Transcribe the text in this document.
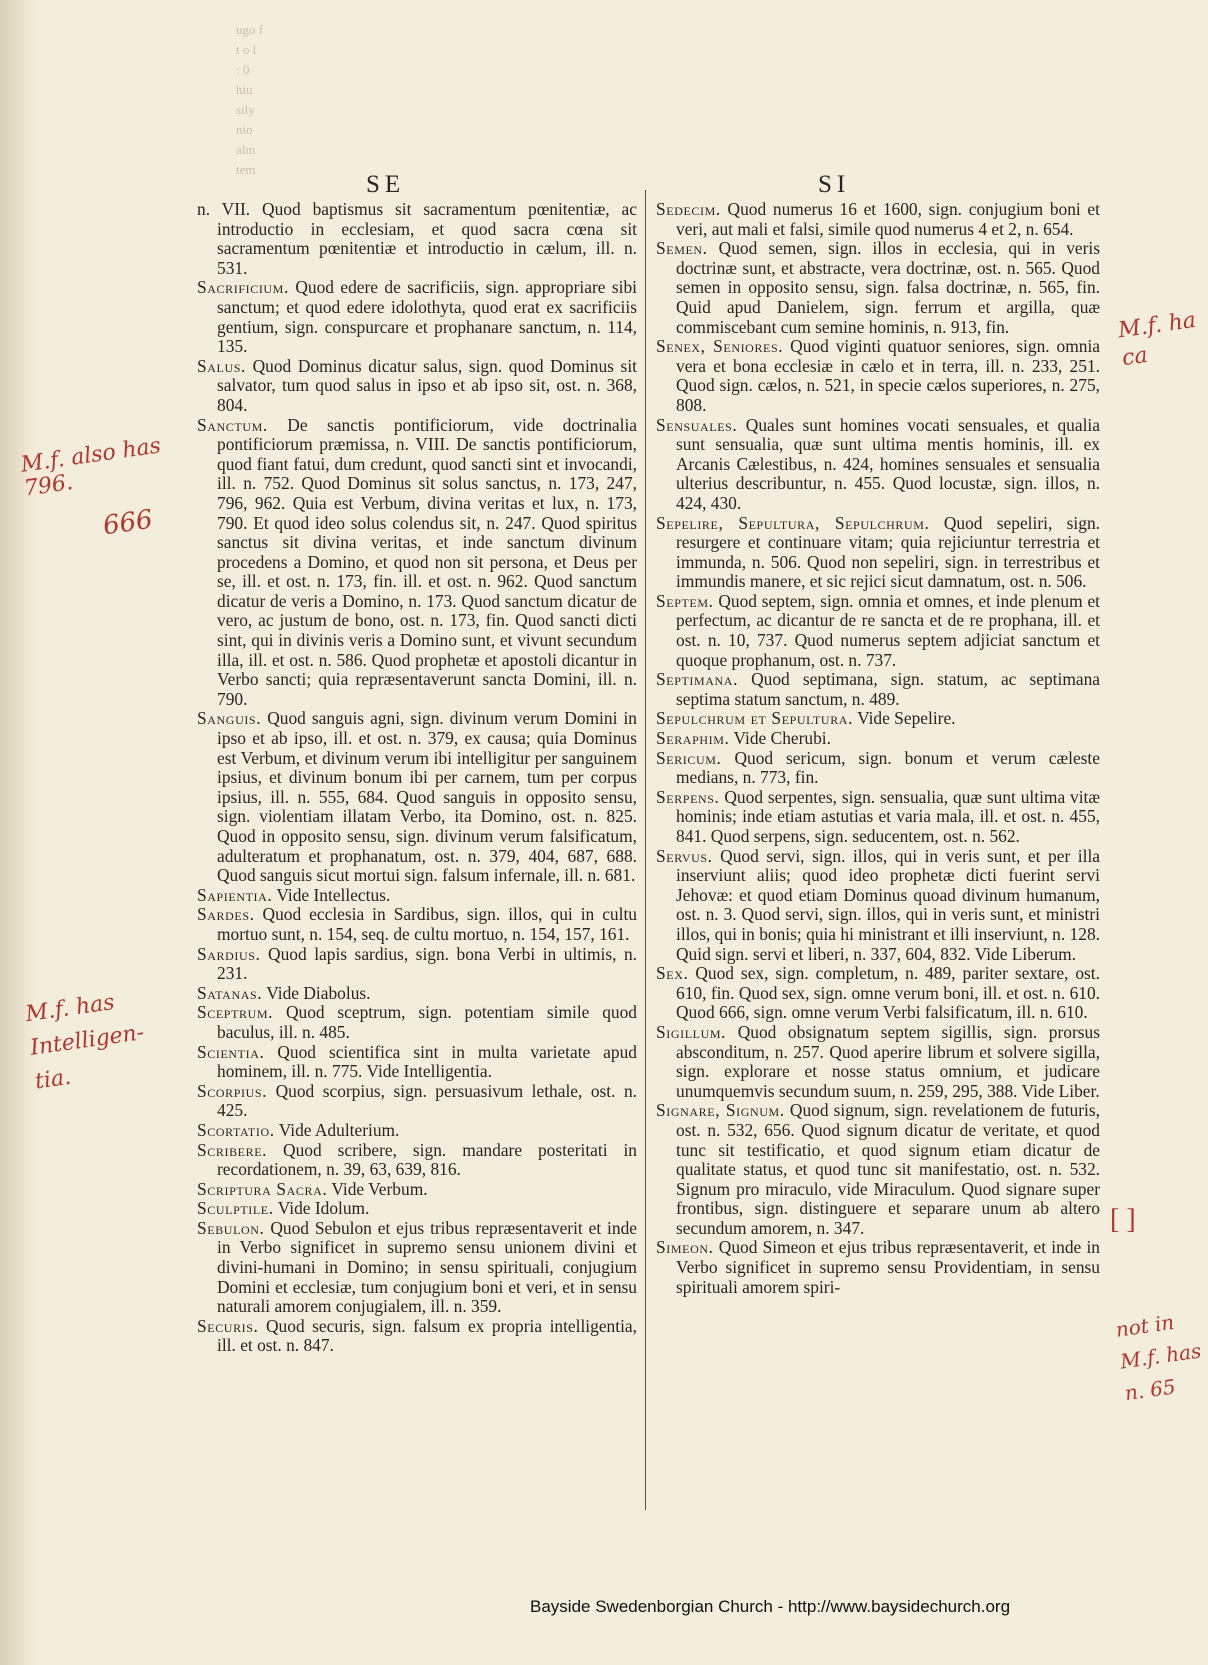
ugo f
t o l
: 0
hiu
sily
nio
alm
tem
SE	SI

n. VII. Quod baptismus sit sacramentum pœnitentiæ, ac introductio in ecclesiam, et quod sacra cœna sit sacramentum pœnitentiæ et introductio in cælum, ill. n. 531.

Sacrificium. Quod edere de sacrificiis, sign. appropriare sibi sanctum; et quod edere idolothyta, quod erat ex sacrificiis gentium, sign. conspurcare et prophanare sanctum, n. 114, 135.

Salus. Quod Dominus dicatur salus, sign. quod Dominus sit salvator, tum quod salus in ipso et ab ipso sit, ost. n. 368, 804.

Sanctum. De sanctis pontificiorum, vide doctrinalia pontificiorum præmissa, n. VIII. De sanctis pontificiorum, quod fiant fatui, dum credunt, quod sancti sint et invocandi, ill. n. 752. Quod Dominus sit solus sanctus, n. 173, 247, 796, 962. Quia est Verbum, divina veritas et lux, n. 173, 790. Et quod ideo solus colendus sit, n. 247. Quod spiritus sanctus sit divina veritas, et inde sanctum divinum procedens a Domino, et quod non sit persona, et Deus per se, ill. et ost. n. 173, fin. ill. et ost. n. 962. Quod sanctum dicatur de veris a Domino, n. 173. Quod sanctum dicatur de vero, ac justum de bono, ost. n. 173, fin. Quod sancti dicti sint, qui in divinis veris a Domino sunt, et vivunt secundum illa, ill. et ost. n. 586. Quod prophetæ et apostoli dicantur in Verbo sancti; quia repræsentaverunt sancta Domini, ill. n. 790.

Sanguis. Quod sanguis agni, sign. divinum verum Domini in ipso et ab ipso, ill. et ost. n. 379, ex causa; quia Dominus est Verbum, et divinum verum ibi intelligitur per sanguinem ipsius, et divinum bonum ibi per carnem, tum per corpus ipsius, ill. n. 555, 684. Quod sanguis in opposito sensu, sign. violentiam illatam Verbo, ita Domino, ost. n. 825. Quod in opposito sensu, sign. divinum verum falsificatum, adulteratum et prophanatum, ost. n. 379, 404, 687, 688. Quod sanguis sicut mortui sign. falsum infernale, ill. n. 681.

Sapientia. Vide Intellectus.

Sardes. Quod ecclesia in Sardibus, sign. illos, qui in cultu mortuo sunt, n. 154, seq. de cultu mortuo, n. 154, 157, 161.

Sardius. Quod lapis sardius, sign. bona Verbi in ultimis, n. 231.

Satanas. Vide Diabolus.

Sceptrum. Quod sceptrum, sign. potentiam simile quod baculus, ill. n. 485.

Scientia. Quod scientifica sint in multa varietate apud hominem, ill. n. 775. Vide Intelligentia.

Scorpius. Quod scorpius, sign. persuasivum lethale, ost. n. 425.

Scortatio. Vide Adulterium.

Scribere. Quod scribere, sign. mandare posteritati in recordationem, n. 39, 63, 639, 816.

Scriptura Sacra. Vide Verbum.

Sculptile. Vide Idolum.

Sebulon. Quod Sebulon et ejus tribus repræsentaverit et inde in Verbo significet in supremo sensu unionem divini et divini-humani in Domino; in sensu spirituali, conjugium Domini et ecclesiæ, tum conjugium boni et veri, et in sensu naturali amorem conjugialem, ill. n. 359.

Securis. Quod securis, sign. falsum ex propria intelligentia, ill. et ost. n. 847.

Sedecim. Quod numerus 16 et 1600, sign. conjugium boni et veri, aut mali et falsi, simile quod numerus 4 et 2, n. 654.

Semen. Quod semen, sign. illos in ecclesia, qui in veris doctrinæ sunt, et abstracte, vera doctrinæ, ost. n. 565. Quod semen in opposito sensu, sign. falsa doctrinæ, n. 565, fin. Quid apud Danielem, sign. ferrum et argilla, quæ commiscebant cum semine hominis, n. 913, fin.

Senex, Seniores. Quod viginti quatuor seniores, sign. omnia vera et bona ecclesiæ in cælo et in terra, ill. n. 233, 251. Quod sign. cælos, n. 521, in specie cælos superiores, n. 275, 808.

Sensuales. Quales sunt homines vocati sensuales, et qualia sunt sensualia, quæ sunt ultima mentis hominis, ill. ex Arcanis Cælestibus, n. 424, homines sensuales et sensualia ulterius describuntur, n. 455. Quod locustæ, sign. illos, n. 424, 430.

Sepelire, Sepultura, Sepulchrum. Quod sepeliri, sign. resurgere et continuare vitam; quia rejiciuntur terrestria et immunda, n. 506. Quod non sepeliri, sign. in terrestribus et immundis manere, et sic rejici sicut damnatum, ost. n. 506.

Septem. Quod septem, sign. omnia et omnes, et inde plenum et perfectum, ac dicantur de re sancta et de re prophana, ill. et ost. n. 10, 737. Quod numerus septem adjiciat sanctum et quoque prophanum, ost. n. 737.

Septimana. Quod septimana, sign. statum, ac septimana septima statum sanctum, n. 489.

Sepulchrum et Sepultura. Vide Sepelire.

Seraphim. Vide Cherubi.

Sericum. Quod sericum, sign. bonum et verum cæleste medians, n. 773, fin.

Serpens. Quod serpentes, sign. sensualia, quæ sunt ultima vitæ hominis; inde etiam astutias et varia mala, ill. et ost. n. 455, 841. Quod serpens, sign. seducentem, ost. n. 562.

Servus. Quod servi, sign. illos, qui in veris sunt, et per illa inserviunt aliis; quod ideo prophetæ dicti fuerint servi Jehovæ: et quod etiam Dominus quoad divinum humanum, ost. n. 3. Quod servi, sign. illos, qui in veris sunt, et ministri illos, qui in bonis; quia hi ministrant et illi inserviunt, n. 128. Quid sign. servi et liberi, n. 337, 604, 832. Vide Liberum.

Sex. Quod sex, sign. completum, n. 489, pariter sextare, ost. 610, fin. Quod sex, sign. omne verum boni, ill. et ost. n. 610. Quod 666, sign. omne verum Verbi falsificatum, ill. n. 610.

Sigillum. Quod obsignatum septem sigillis, sign. prorsus absconditum, n. 257. Quod aperire librum et solvere sigilla, sign. explorare et nosse status omnium, et judicare unumquemvis secundum suum, n. 259, 295, 388. Vide Liber.

Signare, Signum. Quod signum, sign. revelationem de futuris, ost. n. 532, 656. Quod signum dicatur de veritate, et quod tunc sit testificatio, et quod signum etiam dicatur de qualitate status, et quod tunc sit manifestatio, ost. n. 532. Signum pro miraculo, vide Miraculum. Quod signare super frontibus, sign. distinguere et separare unum ab altero secundum amorem, n. 347.

Simeon. Quod Simeon et ejus tribus repræsentaverit, et inde in Verbo significet in supremo sensu Providentiam, in sensu spirituali amorem spiri-

M.f. also has
796.
666
M.f. has
Intelligen-
tia.
M.f. ha
ca
not in
M.f. has
n. 65
[ ]
Bayside Swedenborgian Church - http://www.baysidechurch.org
